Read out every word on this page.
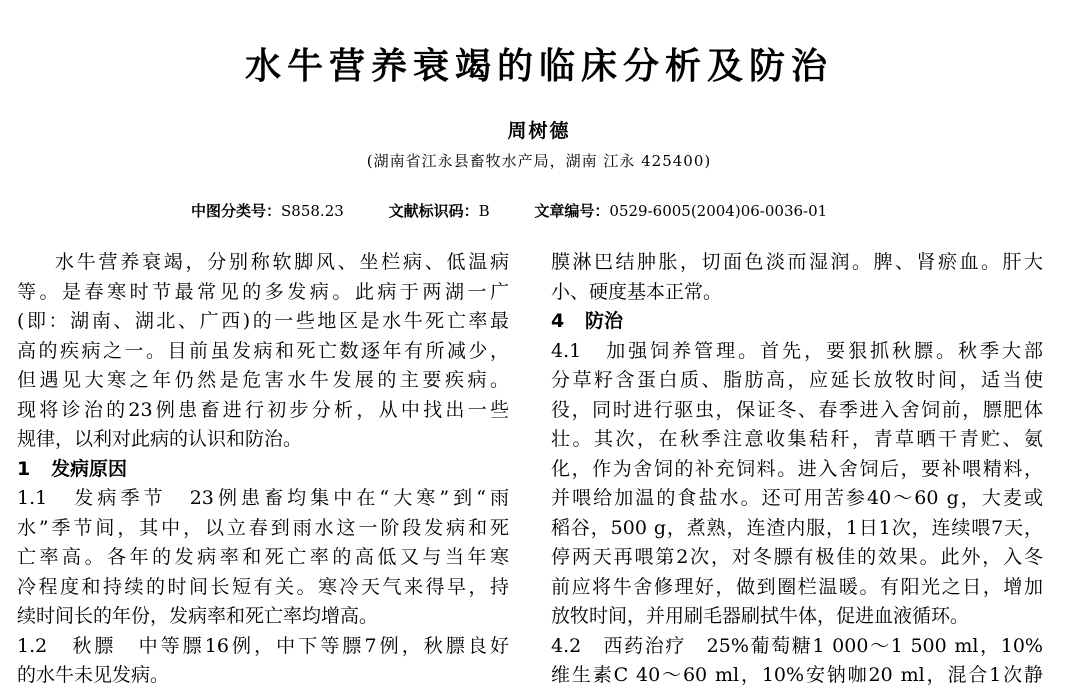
水牛营养衰竭的临床分析及防治
周树德
(湖南省江永县畜牧水产局，湖南 江永 425400)
中图分类号：S858.23	文献标识码：B	文章编号：0529-6005(2004)06-0036-01

水牛营养衰竭，分别称软脚风、坐栏病、低温病

等。是春寒时节最常见的多发病。此病于两湖一广

(即：湖南、湖北、广西)的一些地区是水牛死亡率最

高的疾病之一。目前虽发病和死亡数逐年有所减少，

但遇见大寒之年仍然是危害水牛发展的主要疾病。

现将诊治的23例患畜进行初步分析，从中找出一些

规律，以利对此病的认识和防治。

1 发病原因

1.1　发病季节　23例患畜均集中在“大寒”到“雨

水”季节间，其中，以立春到雨水这一阶段发病和死

亡率高。各年的发病率和死亡率的高低又与当年寒

冷程度和持续的时间长短有关。寒冷天气来得早，持

续时间长的年份，发病率和死亡率均增高。

1.2　秋膘　中等膘16例，中下等膘7例，秋膘良好

的水牛未见发病。

膜淋巴结肿胀，切面色淡而湿润。脾、肾瘀血。肝大

小、硬度基本正常。

4 防治

4.1　加强饲养管理。首先，要狠抓秋膘。秋季大部

分草籽含蛋白质、脂肪高，应延长放牧时间，适当使

役，同时进行驱虫，保证冬、春季进入舍饲前，膘肥体

壮。其次，在秋季注意收集秸秆，青草晒干青贮、氨

化，作为舍饲的补充饲料。进入舍饲后，要补喂精料，

并喂给加温的食盐水。还可用苦参40～60 g，大麦或

稻谷，500 g，煮熟，连渣内服，1日1次，连续喂7天，

停两天再喂第2次，对冬膘有极佳的效果。此外，入冬

前应将牛舍修理好，做到圈栏温暖。有阳光之日，增加

放牧时间，并用刷毛器刷拭牛体，促进血液循环。

4.2　西药治疗　25%葡萄糖1 000～1 500 ml，10%

维生素C 40～60 ml，10%安钠咖20 ml，混合1次静
